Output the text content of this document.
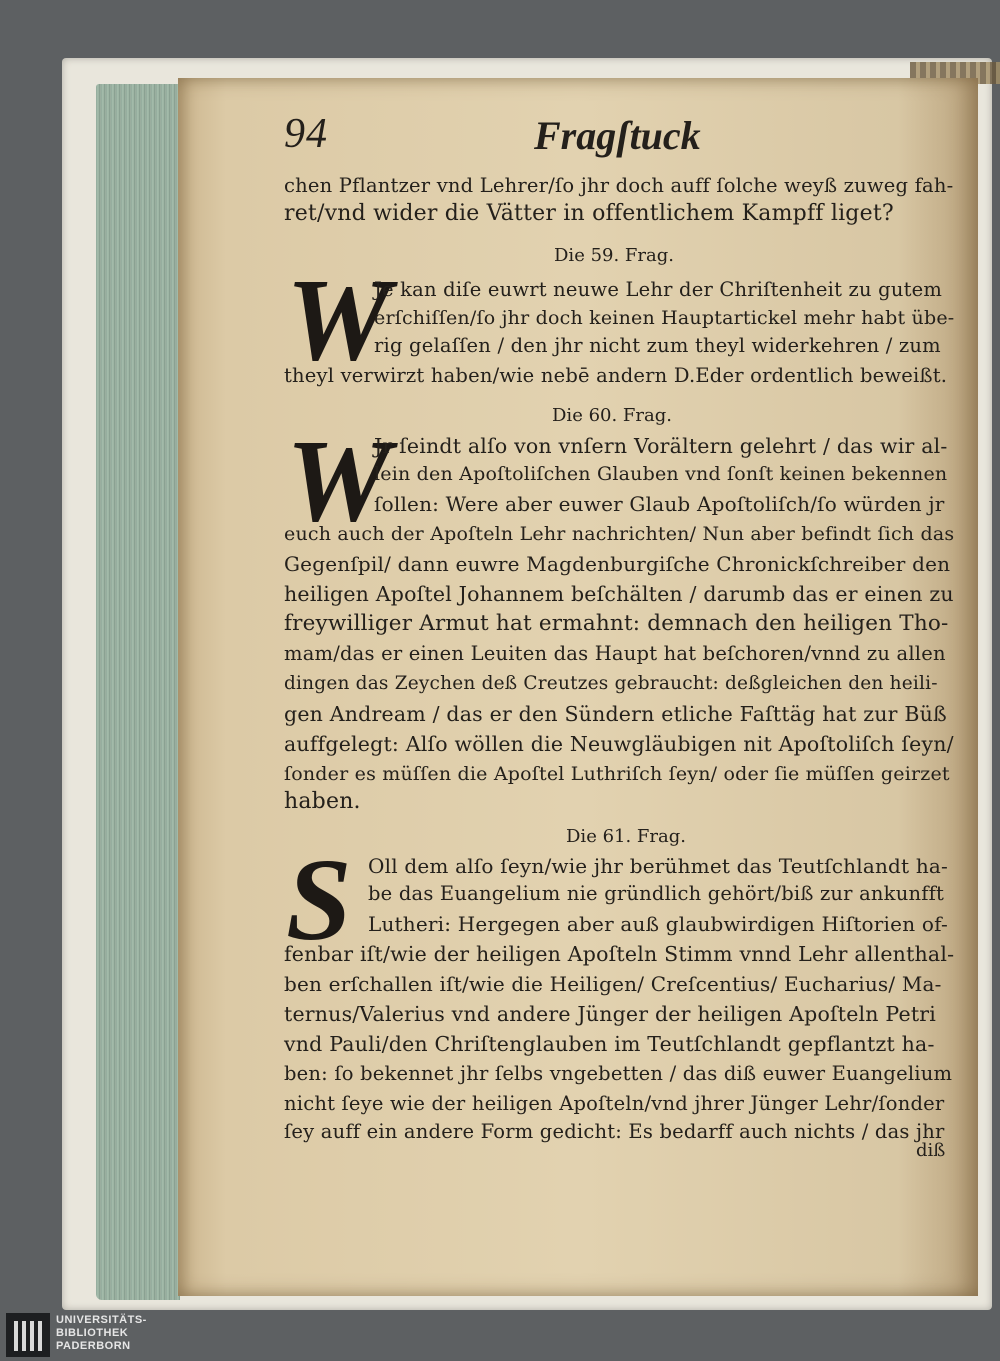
94	Fragſtuck
chen Pflantzer vnd Lehrer/ſo jhr doch auff ſolche weyß zuweg fah-
ret/vnd wider die Vätter in offentlichem Kampff liget?
Die 59. Frag.
W
Je kan diſe euwrt neuwe Lehr der Chriſtenheit zu gutem
erſchiſſen/ſo jhr doch keinen Hauptartickel mehr habt übe-
rig gelaſſen / den jhr nicht zum theyl widerkehren / zum
theyl verwirzt haben/wie nebē andern D.Eder ordentlich beweißt.
Die 60. Frag.
W
Jr ſeindt alſo von vnſern Vorältern gelehrt / das wir al-
lein den Apoſtoliſchen Glauben vnd ſonſt keinen bekennen
ſollen: Were aber euwer Glaub Apoſtoliſch/ſo würden jr
euch auch der Apoſteln Lehr nachrichten/ Nun aber befindt ſich das
Gegenſpil/ dann euwre Magdenburgiſche Chronickſchreiber den
heiligen Apoſtel Johannem beſchälten / darumb das er einen zu
freywilliger Armut hat ermahnt: demnach den heiligen Tho-
mam/das er einen Leuiten das Haupt hat beſchoren/vnnd zu allen
dingen das Zeychen deß Creutzes gebraucht: deßgleichen den heili-
gen Andream / das er den Sündern etliche Faſttäg hat zur Büß
auffgelegt: Alſo wöllen die Neuwgläubigen nit Apoſtoliſch ſeyn/
ſonder es müſſen die Apoſtel Luthriſch ſeyn/ oder ſie müſſen geirzet
haben.
Die 61. Frag.
S Oll dem alſo ſeyn/wie jhr berühmet das Teutſchlandt ha-
be das Euangelium nie gründlich gehört/biß zur ankunfft
Lutheri: Hergegen aber auß glaubwirdigen Hiſtorien of-
fenbar iſt/wie der heiligen Apoſteln Stimm vnnd Lehr allenthal-
ben erſchallen iſt/wie die Heiligen/ Creſcentius/ Eucharius/ Ma-
ternus/Valerius vnd andere Jünger der heiligen Apoſteln Petri
vnd Pauli/den Chriſtenglauben im Teutſchlandt gepflantzt ha-
ben: ſo bekennet jhr ſelbs vngebetten / das diß euwer Euangelium
nicht ſeye wie der heiligen Apoſteln/vnd jhrer Jünger Lehr/ſonder
ſey auff ein andere Form gedicht: Es bedarff auch nichts / das jhr
diß
UNIVERSITÄTS-
BIBLIOTHEK
PADERBORN
